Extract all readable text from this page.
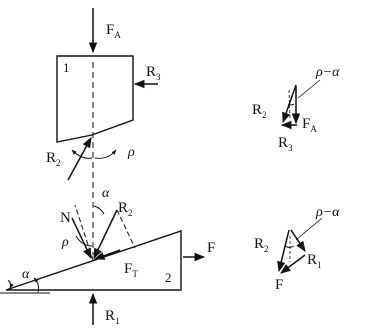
$F_A$
1	$R_3$
$R_2$
ρ
2
F
α
$R_1$
N
$R_2$
$F_T$
α
ρ
$R_2$
ρ−α
$F_A$
$R_3$
$R_2$
ρ−α
$R_1$
F
